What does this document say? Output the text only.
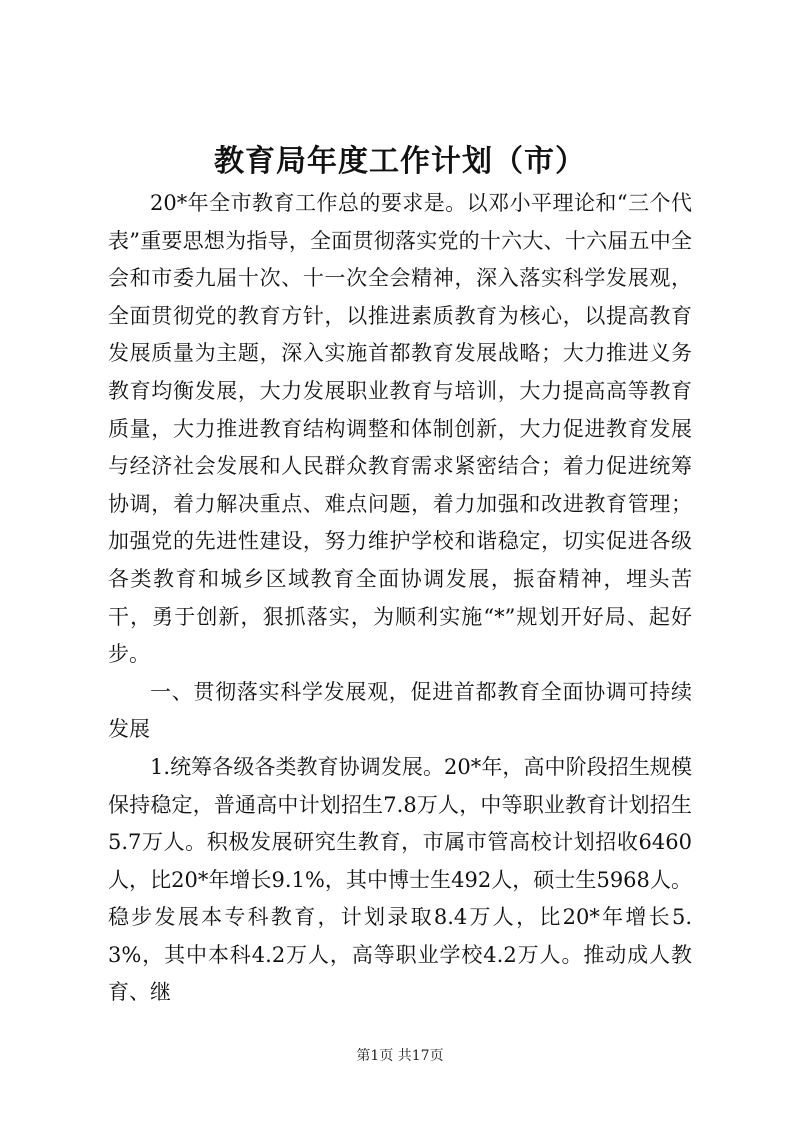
教育局年度工作计划（市）

20*年全市教育工作总的要求是。以邓小平理论和“三个代表”重要思想为指导，全面贯彻落实党的十六大、十六届五中全会和市委九届十次、十一次全会精神，深入落实科学发展观，全面贯彻党的教育方针，以推进素质教育为核心，以提高教育发展质量为主题，深入实施首都教育发展战略；大力推进义务教育均衡发展，大力发展职业教育与培训，大力提高高等教育质量，大力推进教育结构调整和体制创新，大力促进教育发展与经济社会发展和人民群众教育需求紧密结合；着力促进统筹协调，着力解决重点、难点问题，着力加强和改进教育管理；加强党的先进性建设，努力维护学校和谐稳定，切实促进各级各类教育和城乡区域教育全面协调发展，振奋精神，埋头苦干，勇于创新，狠抓落实，为顺利实施“*”规划开好局、起好步。

一、贯彻落实科学发展观，促进首都教育全面协调可持续发展

1.统筹各级各类教育协调发展。20*年，高中阶段招生规模保持稳定，普通高中计划招生7.8万人，中等职业教育计划招生5.7万人。积极发展研究生教育，市属市管高校计划招收6460人，比20*年增长9.1%，其中博士生492人，硕士生5968人。稳步发展本专科教育，计划录取8.4万人，比20*年增长5.3%，其中本科4.2万人，高等职业学校4.2万人。推动成人教育、继

第1页 共17页
